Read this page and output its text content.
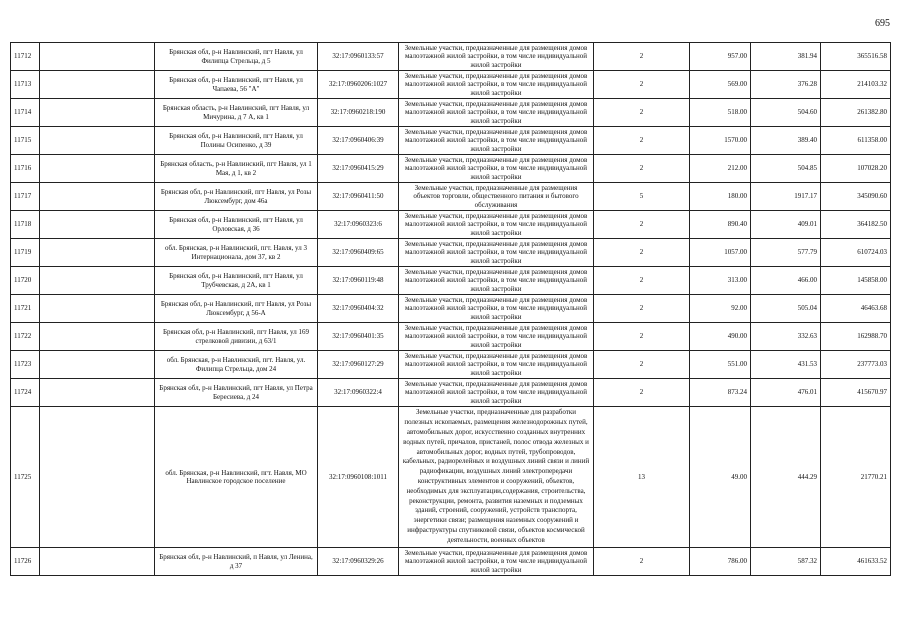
695
11712		Брянская обл, р-н Навлинский, пгт Навля, ул Филипца Стрельца, д 5	32:17:0960133:57	Земельные участки, предназначенные для размещения домов малоэтажной жилой застройки, в том числе индивидуальной жилой застройки	2	957.00	381.94	365516.58
11713		Брянская обл, р-н Навлинский, пгт Навля, ул Чапаева, 56 "А"	32:17:0960206:1027	Земельные участки, предназначенные для размещения домов малоэтажной жилой застройки, в том числе индивидуальной жилой застройки	2	569.00	376.28	214103.32
11714		Брянская область, р-н Навлинский, пгт Навля, ул Мичурина, д 7 А, кв 1	32:17:0960218:190	Земельные участки, предназначенные для размещения домов малоэтажной жилой застройки, в том числе индивидуальной жилой застройки	2	518.00	504.60	261382.80
11715		Брянская обл, р-н Навлинский, пгт Навля, ул Полины Осипенко, д 39	32:17:0960406:39	Земельные участки, предназначенные для размещения домов малоэтажной жилой застройки, в том числе индивидуальной жилой застройки	2	1570.00	389.40	611358.00
11716		Брянская область, р-н Навлинский, пгт Навля, ул 1 Мая, д 1, кв 2	32:17:0960415:29	Земельные участки, предназначенные для размещения домов малоэтажной жилой застройки, в том числе индивидуальной жилой застройки	2	212.00	504.85	107028.20
11717		Брянская обл, р-н Навлинский, пгт Навля, ул Розы Люксембург, дом 46а	32:17:0960411:50	Земельные участки, предназначенные для размещения объектов торговли, общественного питания и бытового обслуживания	5	180.00	1917.17	345090.60
11718		Брянская обл, р-н Навлинский, пгт Навля, ул Орловская, д 36	32:17:0960323:6	Земельные участки, предназначенные для размещения домов малоэтажной жилой застройки, в том числе индивидуальной жилой застройки	2	890.40	409.01	364182.50
11719		обл. Брянская, р-н Навлинский, пгт. Навля, ул 3 Интернационала, дом 37, кв 2	32:17:0960409:65	Земельные участки, предназначенные для размещения домов малоэтажной жилой застройки, в том числе индивидуальной жилой застройки	2	1057.00	577.79	610724.03
11720		Брянская обл, р-н Навлинский, пгт Навля, ул Трубчевская, д 2А, кв 1	32:17:0960119:48	Земельные участки, предназначенные для размещения домов малоэтажной жилой застройки, в том числе индивидуальной жилой застройки	2	313.00	466.00	145858.00
11721		Брянская обл, р-н Навлинский, пгт Навля, ул Розы Люксембург, д 56-А	32:17:0960404:32	Земельные участки, предназначенные для размещения домов малоэтажной жилой застройки, в том числе индивидуальной жилой застройки	2	92.00	505.04	46463.68
11722		Брянская обл, р-н Навлинский, пгт Навля, ул 169 стрелковой дивизии, д 63/1	32:17:0960401:35	Земельные участки, предназначенные для размещения домов малоэтажной жилой застройки, в том числе индивидуальной жилой застройки	2	490.00	332.63	162988.70
11723		обл. Брянская, р-н Навлинский, пгт. Навля, ул. Филипца Стрельца, дом 24	32:17:0960127:29	Земельные участки, предназначенные для размещения домов малоэтажной жилой застройки, в том числе индивидуальной жилой застройки	2	551.00	431.53	237773.03
11724		Брянская обл, р-н Навлинский, пгт Навля, ул Петра Бересиева, д 24	32:17:0960322:4	Земельные участки, предназначенные для размещения домов малоэтажной жилой застройки, в том числе индивидуальной жилой застройки	2	873.24	476.01	415670.97
11725		обл. Брянская, р-н Навлинский, пгт. Навля, МО Навлинское городское поселение	32:17:0960108:1011	Земельные участки, предназначенные для разработки полезных ископаемых, размещения железнодорожных путей, автомобильных дорог, искусственно созданных внутренних водных путей, причалов, пристаней, полос отвода железных и автомобильных дорог, водных путей, трубопроводов, кабельных, радиорелейных и воздушных линий связи и линий радиофикации, воздушных линий электропередачи конструктивных элементов и сооружений, объектов, необходимых для эксплуатации,содержания, строительства, реконструкции, ремонта, развития наземных и подземных зданий, строений, сооружений, устройств транспорта, энергетики связи; размещения наземных сооружений и инфраструктуры спутниковой связи, объектов космической деятельности, военных объектов	13	49.00	444.29	21770.21
11726		Брянская обл, р-н Навлинский, п Навля, ул Ленина, д 37	32:17:0960329:26	Земельные участки, предназначенные для размещения домов малоэтажной жилой застройки, в том числе индивидуальной жилой застройки	2	786.00	587.32	461633.52
